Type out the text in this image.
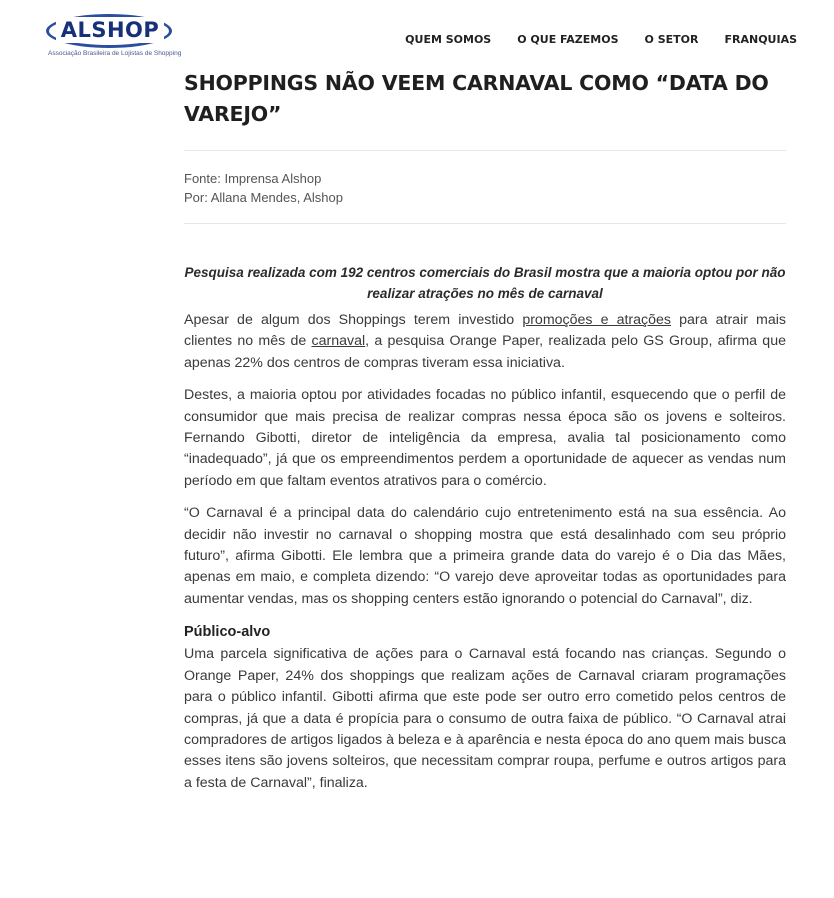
ALSHOP
Associação Brasileira de Lojistas de Shopping
QUEM SOMOS O QUE FAZEMOS O SETOR FRANQUIAS
SHOPPINGS NÃO VEEM CARNAVAL COMO “DATA DO VAREJO”
Fonte: Imprensa Alshop
Por: Allana Mendes, Alshop

Pesquisa realizada com 192 centros comerciais do Brasil mostra que a maioria optou por não realizar atrações no mês de carnaval

Apesar de algum dos Shoppings terem investido promoções e atrações para atrair mais clientes no mês de carnaval, a pesquisa Orange Paper, realizada pelo GS Group, afirma que apenas 22% dos centros de compras tiveram essa iniciativa.

Destes, a maioria optou por atividades focadas no público infantil, esquecendo que o perfil de consumidor que mais precisa de realizar compras nessa época são os jovens e solteiros. Fernando Gibotti, diretor de inteligência da empresa, avalia tal posicionamento como “inadequado”, já que os empreendimentos perdem a oportunidade de aquecer as vendas num período em que faltam eventos atrativos para o comércio.

“O Carnaval é a principal data do calendário cujo entretenimento está na sua essência. Ao decidir não investir no carnaval o shopping mostra que está desalinhado com seu próprio futuro”, afirma Gibotti. Ele lembra que a primeira grande data do varejo é o Dia das Mães, apenas em maio, e completa dizendo: “O varejo deve aproveitar todas as oportunidades para aumentar vendas, mas os shopping centers estão ignorando o potencial do Carnaval”, diz.

Público-alvo

Uma parcela significativa de ações para o Carnaval está focando nas crianças. Segundo o Orange Paper, 24% dos shoppings que realizam ações de Carnaval criaram programações para o público infantil. Gibotti afirma que este pode ser outro erro cometido pelos centros de compras, já que a data é propícia para o consumo de outra faixa de público. “O Carnaval atrai compradores de artigos ligados à beleza e à aparência e nesta época do ano quem mais busca esses itens são jovens solteiros, que necessitam comprar roupa, perfume e outros artigos para a festa de Carnaval”, finaliza.
